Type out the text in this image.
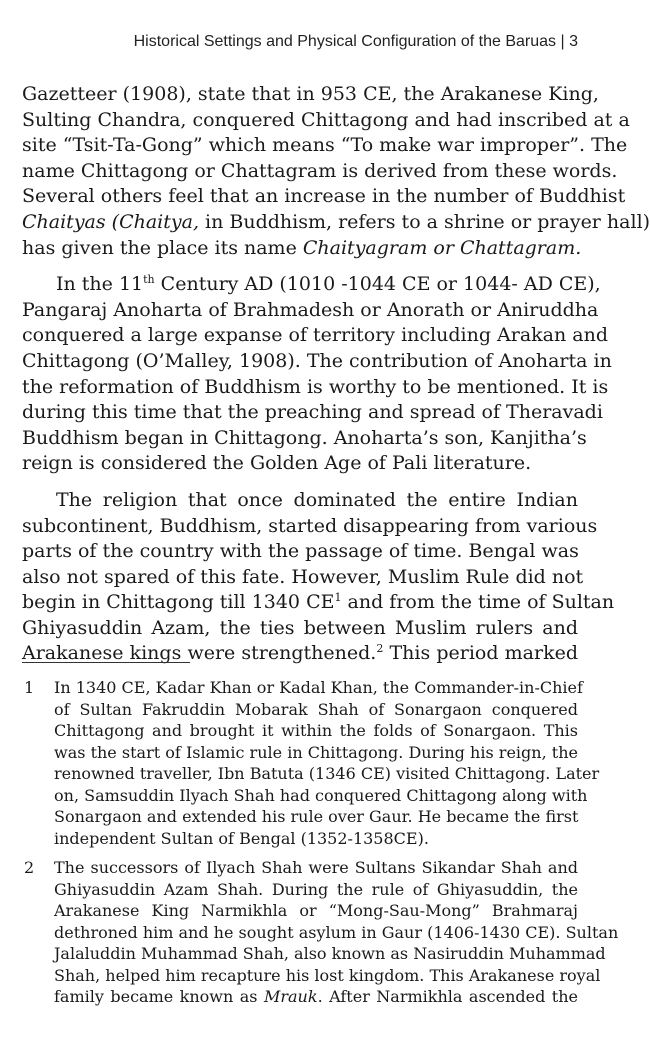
Historical Settings and Physical Configuration of the Baruas | 3
Gazetteer (1908), state that in 953 CE, the Arakanese King,
Sulting Chandra, conquered Chittagong and had inscribed at a
site “Tsit-Ta-Gong” which means “To make war improper”. The
name Chittagong or Chattagram is derived from these words.
Several others feel that an increase in the number of Buddhist
Chaityas (Chaitya, in Buddhism, refers to a shrine or prayer hall)
has given the place its name Chaityagram or Chattagram.
In the 11th Century AD (1010 -1044 CE or 1044- AD CE),
Pangaraj Anoharta of Brahmadesh or Anorath or Aniruddha
conquered a large expanse of territory including Arakan and
Chittagong (O’Malley, 1908). The contribution of Anoharta in
the reformation of Buddhism is worthy to be mentioned. It is
during this time that the preaching and spread of Theravadi
Buddhism began in Chittagong. Anoharta’s son, Kanjitha’s
reign is considered the Golden Age of Pali literature.
The religion that once dominated the entire Indian
subcontinent, Buddhism, started disappearing from various
parts of the country with the passage of time. Bengal was
also not spared of this fate. However, Muslim Rule did not
begin in Chittagong till 1340 $CE^1$ and from the time of Sultan
Ghiyasuddin Azam, the ties between Muslim rulers and
Arakanese kings were strengthened.$^2$ This period marked
1 In 1340 CE, Kadar Khan or Kadal Khan, the Commander-in-Chief
of Sultan Fakruddin Mobarak Shah of Sonargaon conquered
Chittagong and brought it within the folds of Sonargaon. This
was the start of Islamic rule in Chittagong. During his reign, the
renowned traveller, Ibn Batuta (1346 CE) visited Chittagong. Later
on, Samsuddin Ilyach Shah had conquered Chittagong along with
Sonargaon and extended his rule over Gaur. He became the first
independent Sultan of Bengal (1352-1358CE).
2 The successors of Ilyach Shah were Sultans Sikandar Shah and
Ghiyasuddin Azam Shah. During the rule of Ghiyasuddin, the
Arakanese King Narmikhla or “Mong-Sau-Mong” Brahmaraj
dethroned him and he sought asylum in Gaur (1406-1430 CE). Sultan
Jalaluddin Muhammad Shah, also known as Nasiruddin Muhammad
Shah, helped him recapture his lost kingdom. This Arakanese royal
family became known as Mrauk. After Narmikhla ascended the
